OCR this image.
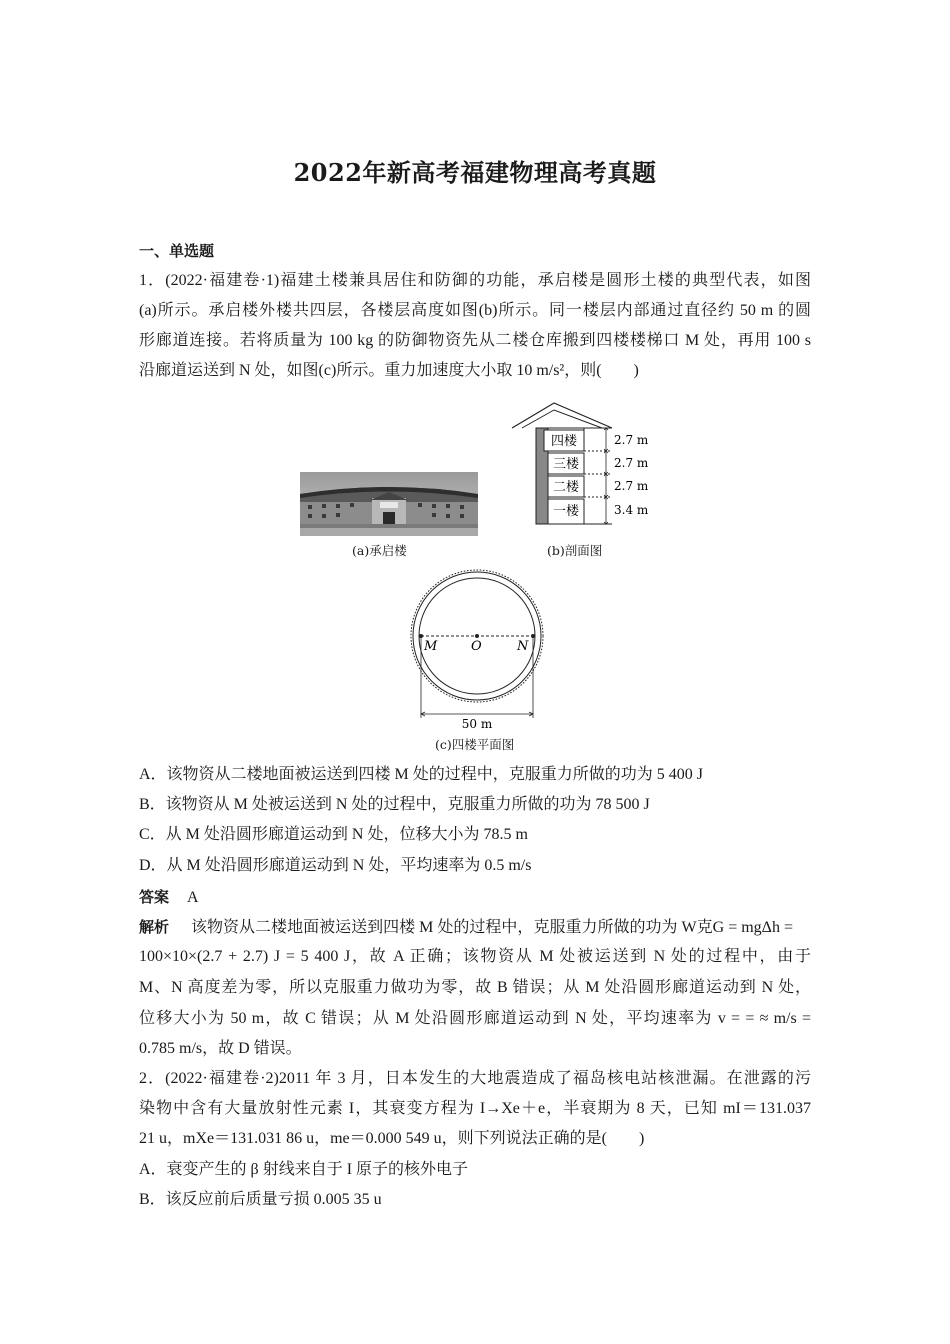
2022年新高考福建物理高考真题
一、单选题
1．(2022·福建卷·1)福建土楼兼具居住和防御的功能，承启楼是圆形土楼的典型代表，如图
(a)所示。承启楼外楼共四层，各楼层高度如图(b)所示。同一楼层内部通过直径约 50 m 的圆
形廊道连接。若将质量为 100 kg 的防御物资先从二楼仓库搬到四楼楼梯口 M 处，再用 100 s
沿廊道运送到 N 处，如图(c)所示。重力加速度大小取 10 m/s²，则(　　)
(a)承启楼
四楼
三楼
二楼
一楼
2.7 m
2.7 m
2.7 m
3.4 m
(b)剖面图
M	O	N
50 m
(c)四楼平面图
A．该物资从二楼地面被运送到四楼 M 处的过程中，克服重力所做的功为 5 400 J
B．该物资从 M 处被运送到 N 处的过程中，克服重力所做的功为 78 500 J
C．从 M 处沿圆形廊道运动到 N 处，位移大小为 78.5 m
D．从 M 处沿圆形廊道运动到 N 处，平均速率为 0.5 m/s
答案 A
解析 该物资从二楼地面被运送到四楼 M 处的过程中，克服重力所做的功为 W克G = mgΔh =
100×10×(2.7 + 2.7) J = 5 400 J，故 A 正确；该物资从 M 处被运送到 N 处的过程中，由于
M、N 高度差为零，所以克服重力做功为零，故 B 错误；从 M 处沿圆形廊道运动到 N 处，
位移大小为 50 m，故 C 错误；从 M 处沿圆形廊道运动到 N 处，平均速率为 v = = ≈ m/s =
0.785 m/s，故 D 错误。
2．(2022·福建卷·2)2011 年 3 月，日本发生的大地震造成了福岛核电站核泄漏。在泄露的污
染物中含有大量放射性元素 I，其衰变方程为 I→Xe＋e，半衰期为 8 天，已知 mI＝131.037
21 u，mXe＝131.031 86 u，me＝0.000 549 u，则下列说法正确的是(　　)
A．衰变产生的 β 射线来自于 I 原子的核外电子
B．该反应前后质量亏损 0.005 35 u
